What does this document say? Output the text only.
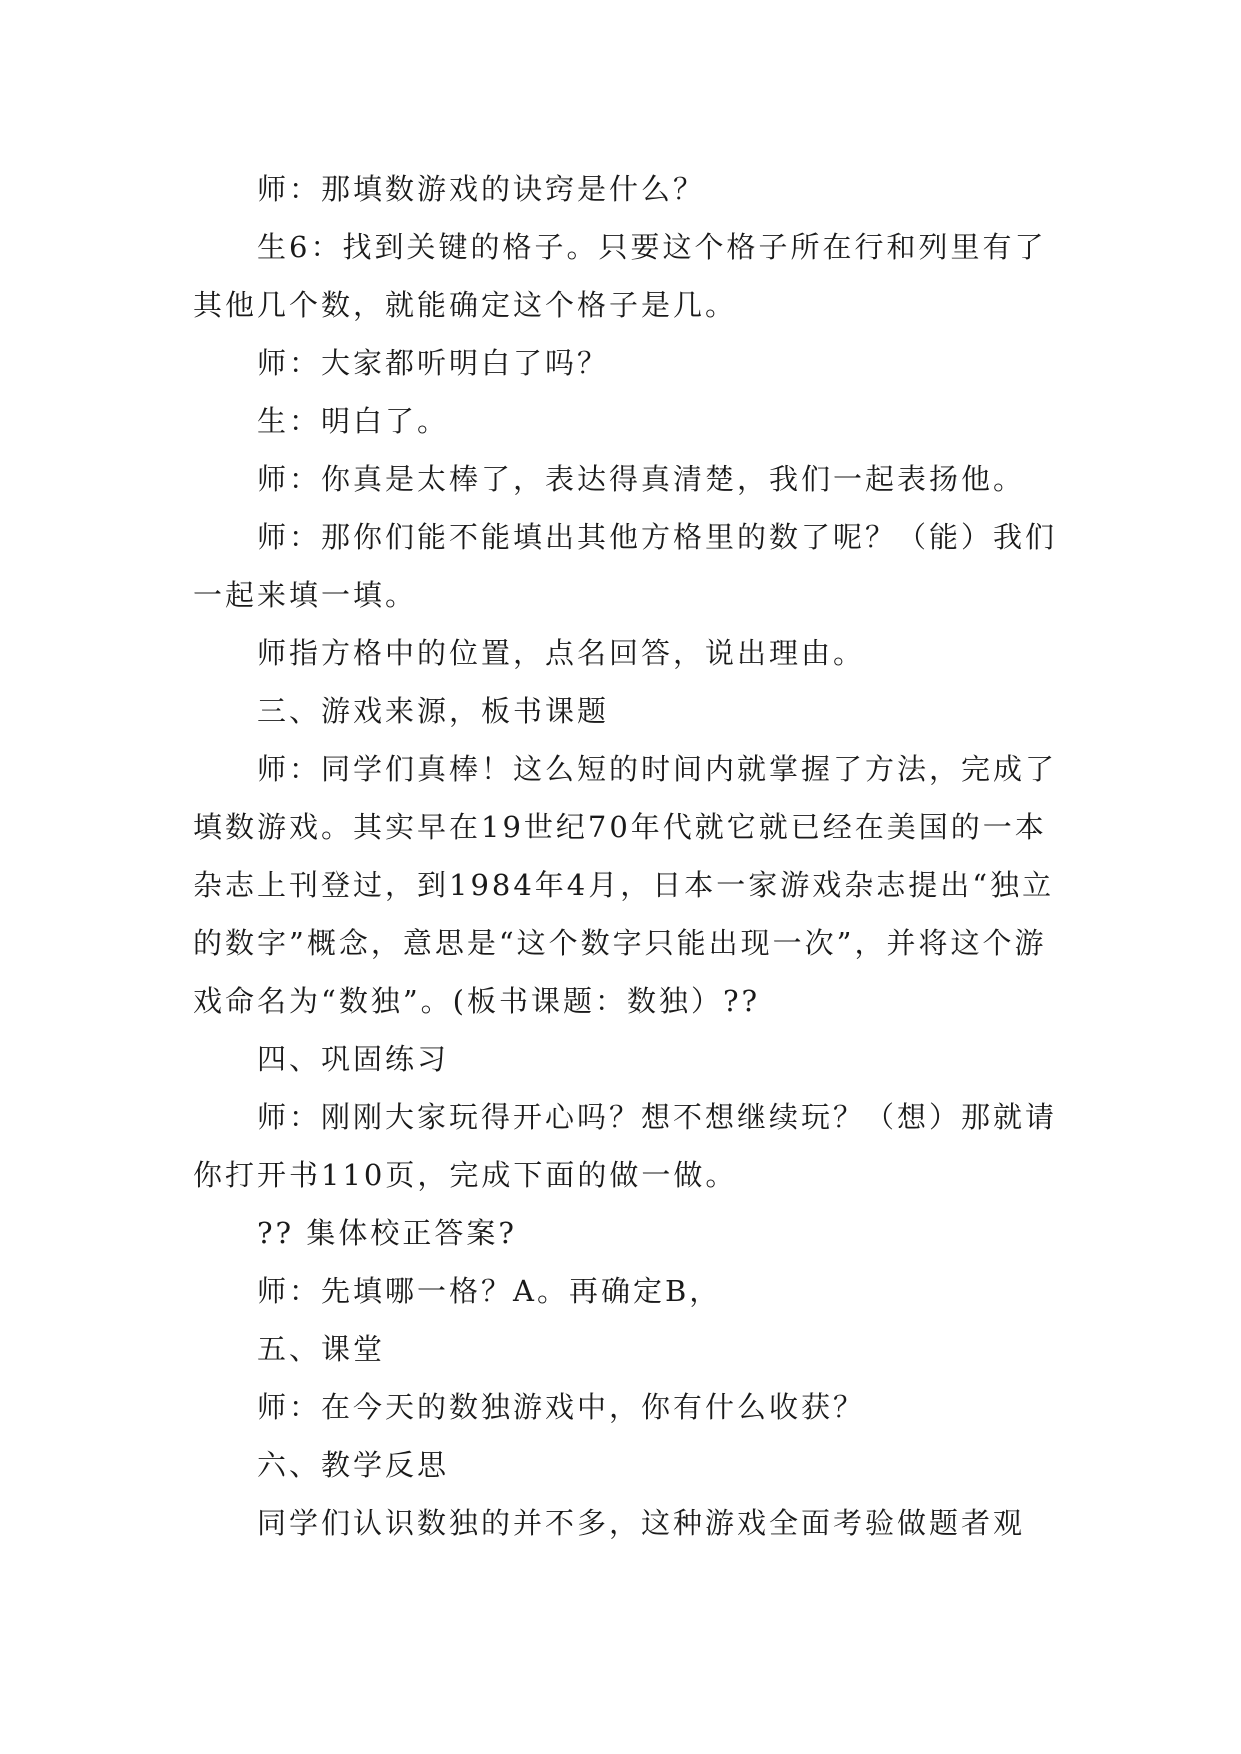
师：那填数游戏的诀窍是什么？

生6：找到关键的格子。只要这个格子所在行和列里有了其他几个数，就能确定这个格子是几。

师：大家都听明白了吗？

生：明白了。

师：你真是太棒了，表达得真清楚，我们一起表扬他。

师：那你们能不能填出其他方格里的数了呢？（能）我们一起来填一填。

师指方格中的位置，点名回答，说出理由。

三、游戏来源，板书课题

师：同学们真棒！这么短的时间内就掌握了方法，完成了填数游戏。其实早在19世纪70年代就它就已经在美国的一本杂志上刊登过，到1984年4月，日本一家游戏杂志提出“独立的数字”概念，意思是“这个数字只能出现一次”，并将这个游戏命名为“数独”。(板书课题：数独）??

四、巩固练习

师：刚刚大家玩得开心吗？想不想继续玩？（想）那就请你打开书110页，完成下面的做一做。

?? 集体校正答案?

师：先填哪一格？A。再确定B，

五、课堂

师：在今天的数独游戏中，你有什么收获？

六、教学反思

同学们认识数独的并不多，这种游戏全面考验做题者观
